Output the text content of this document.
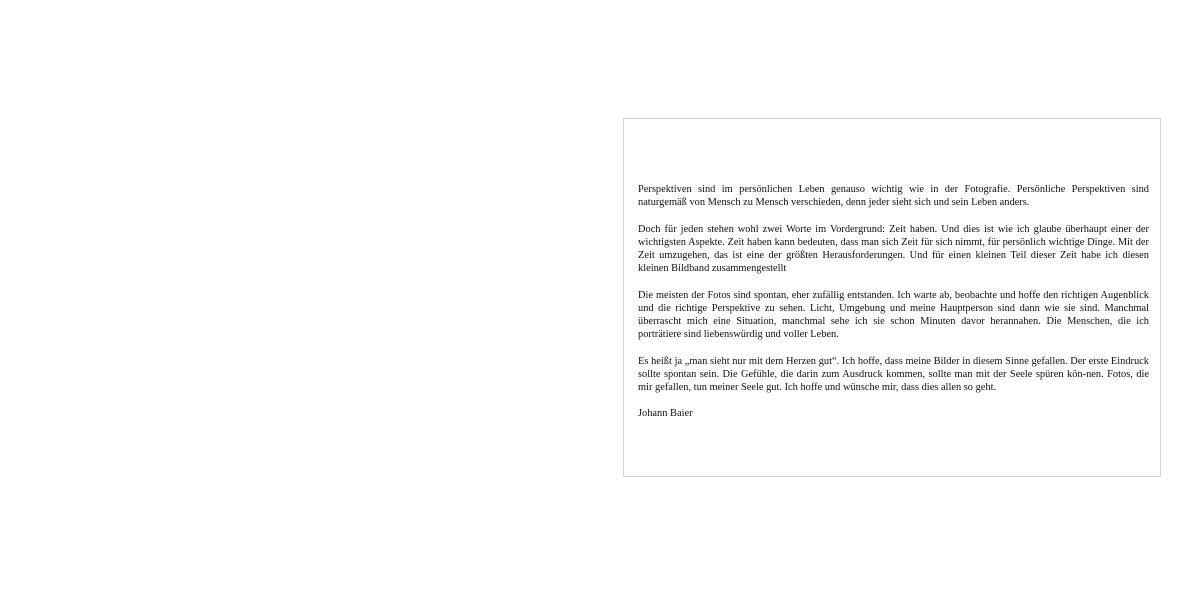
Perspektiven sind im persönlichen Leben genauso wichtig wie in der Fotografie. Persönliche Perspektiven sind naturgemäß von Mensch zu Mensch verschieden, denn jeder sieht sich und sein Leben anders.

Doch für jeden stehen wohl zwei Worte im Vordergrund: Zeit haben. Und dies ist wie ich glaube überhaupt einer der wichtigsten Aspekte. Zeit haben kann bedeuten, dass man sich Zeit für sich nimmt, für persönlich wichtige Dinge. Mit der Zeit umzugehen, das ist eine der größten Herausforderungen. Und für einen kleinen Teil dieser Zeit habe ich diesen kleinen Bildband zusammengestellt

Die meisten der Fotos sind spontan, eher zufällig entstanden. Ich warte ab, beobachte und hoffe den richtigen Augenblick und die richtige Perspektive zu sehen. Licht, Umgebung und meine Hauptperson sind dann wie sie sind. Manchmal überrascht mich eine Situation, manchmal sehe ich sie schon Minuten davor herannahen. Die Menschen, die ich porträtiere sind liebenswürdig und voller Leben.

Es heißt ja „man sieht nur mit dem Herzen gut“. Ich hoffe, dass meine Bilder in diesem Sinne gefallen. Der erste Eindruck sollte spontan sein. Die Gefühle, die darin zum Ausdruck kommen, sollte man mit der Seele spüren kön-nen. Fotos, die mir gefallen, tun meiner Seele gut. Ich hoffe und wünsche mir, dass dies allen so geht.

Johann Baier
